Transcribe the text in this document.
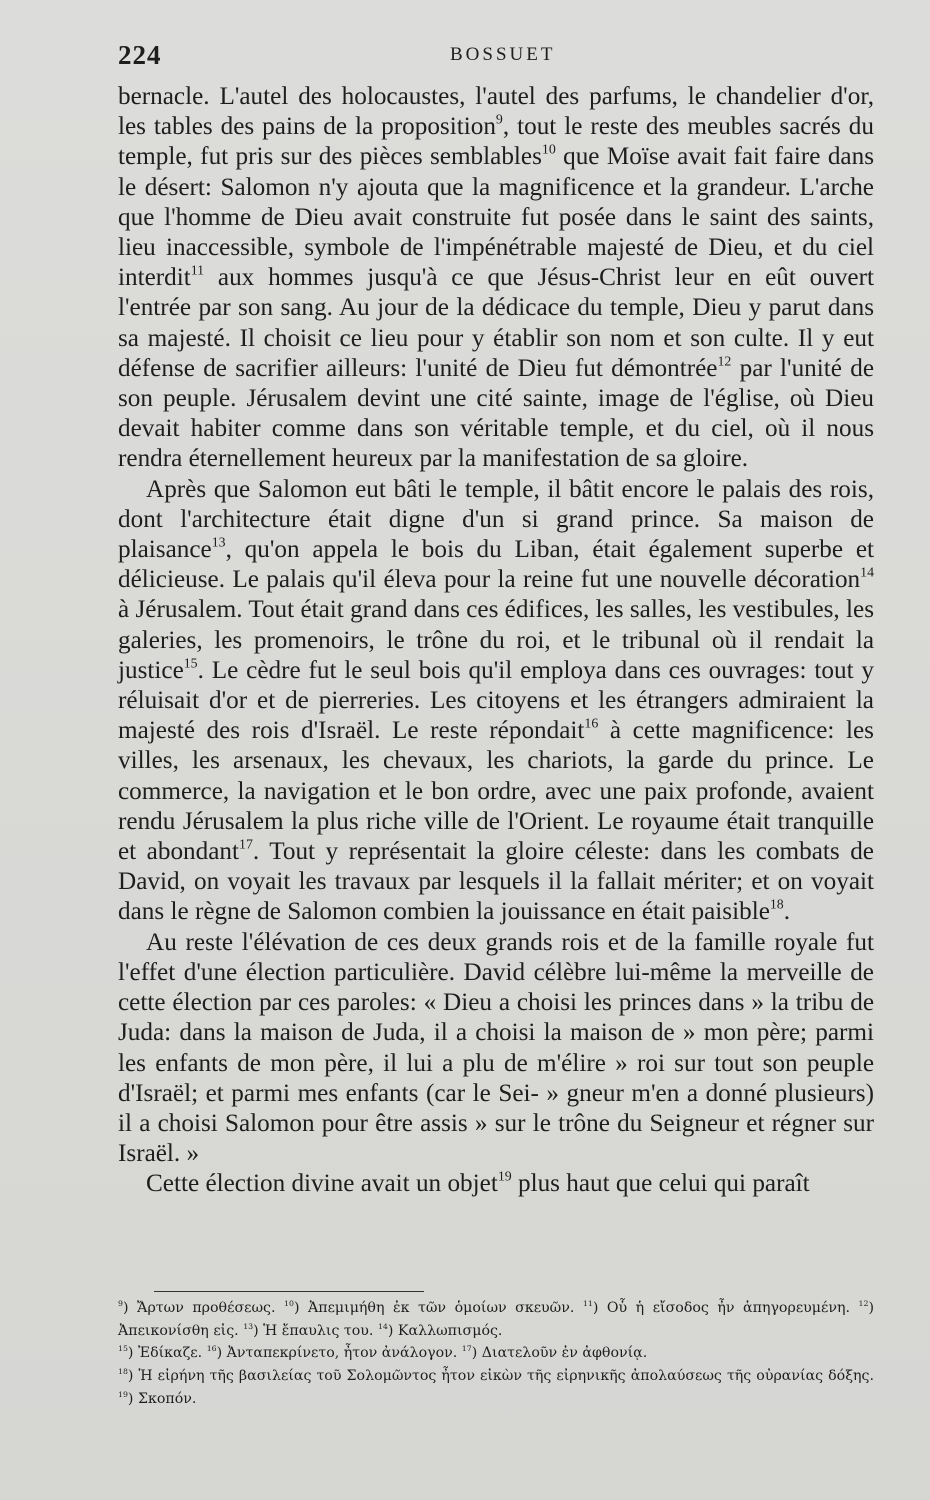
224	BOSSUET

bernacle. L'autel des holocaustes, l'autel des parfums, le chandelier d'or, les tables des pains de la proposition$^9$, tout le reste des meubles sacrés du temple, fut pris sur des pièces semblables$^{10}$ que Moïse avait fait faire dans le désert: Salomon n'y ajouta que la magnificence et la grandeur. L'arche que l'homme de Dieu avait construite fut posée dans le saint des saints, lieu inaccessible, symbole de l'impénétrable majesté de Dieu, et du ciel interdit$^{11}$ aux hommes jusqu'à ce que Jésus-Christ leur en eût ouvert l'entrée par son sang. Au jour de la dédicace du temple, Dieu y parut dans sa majesté. Il choisit ce lieu pour y établir son nom et son culte. Il y eut défense de sacrifier ailleurs: l'unité de Dieu fut démontrée$^{12}$ par l'unité de son peuple. Jérusalem devint une cité sainte, image de l'église, où Dieu devait habiter comme dans son véritable temple, et du ciel, où il nous rendra éternellement heureux par la manifestation de sa gloire.

Après que Salomon eut bâti le temple, il bâtit encore le palais des rois, dont l'architecture était digne d'un si grand prince. Sa maison de plaisance$^{13}$, qu'on appela le bois du Liban, était également superbe et délicieuse. Le palais qu'il éleva pour la reine fut une nouvelle décoration$^{14}$ à Jérusalem. Tout était grand dans ces édifices, les salles, les vestibules, les galeries, les promenoirs, le trône du roi, et le tribunal où il rendait la justice$^{15}$. Le cèdre fut le seul bois qu'il employa dans ces ouvrages: tout y réluisait d'or et de pierreries. Les citoyens et les étrangers admiraient la majesté des rois d'Israël. Le reste répondait$^{16}$ à cette magnificence: les villes, les arsenaux, les chevaux, les chariots, la garde du prince. Le commerce, la navigation et le bon ordre, avec une paix profonde, avaient rendu Jérusalem la plus riche ville de l'Orient. Le royaume était tranquille et abondant$^{17}$. Tout y représentait la gloire céleste: dans les combats de David, on voyait les travaux par lesquels il la fallait mériter; et on voyait dans le règne de Salomon combien la jouissance en était paisible$^{18}$.

Au reste l'élévation de ces deux grands rois et de la famille royale fut l'effet d'une élection particulière. David célèbre lui-même la merveille de cette élection par ces paroles: « Dieu a choisi les princes dans » la tribu de Juda: dans la maison de Juda, il a choisi la maison de » mon père; parmi les enfants de mon père, il lui a plu de m'élire » roi sur tout son peuple d'Israël; et parmi mes enfants (car le Sei- » gneur m'en a donné plusieurs) il a choisi Salomon pour être assis » sur le trône du Seigneur et régner sur Israël. »

Cette élection divine avait un objet$^{19}$ plus haut que celui qui paraît

$^9$) Ἄρτων προθέσεως. $^{10}$) Ἀπεμιμήθη ἐκ τῶν ὁμοίων σκευῶν. $^{11}$) Οὗ ἡ εἴσοδος ἦν ἀπηγορευμένη. $^{12}$) Ἀπεικονίσθη εἰς. $^{13}$) Ἡ ἔπαυλις του. $^{14}$) Καλλωπισμός.

$^{15}$) Ἐδίκαζε. $^{16}$) Ἀνταπεκρίνετο, ἦτον ἀνάλογον. $^{17}$) Διατελοῦν ἐν ἀφθονίᾳ.

$^{18}$) Ἡ εἰρήνη τῆς βασιλείας τοῦ Σολομῶντος ἦτον εἰκὼν τῆς εἰρηνικῆς ἀπολαύσεως τῆς οὐρανίας δόξης. $^{19}$) Σκοπόν.
